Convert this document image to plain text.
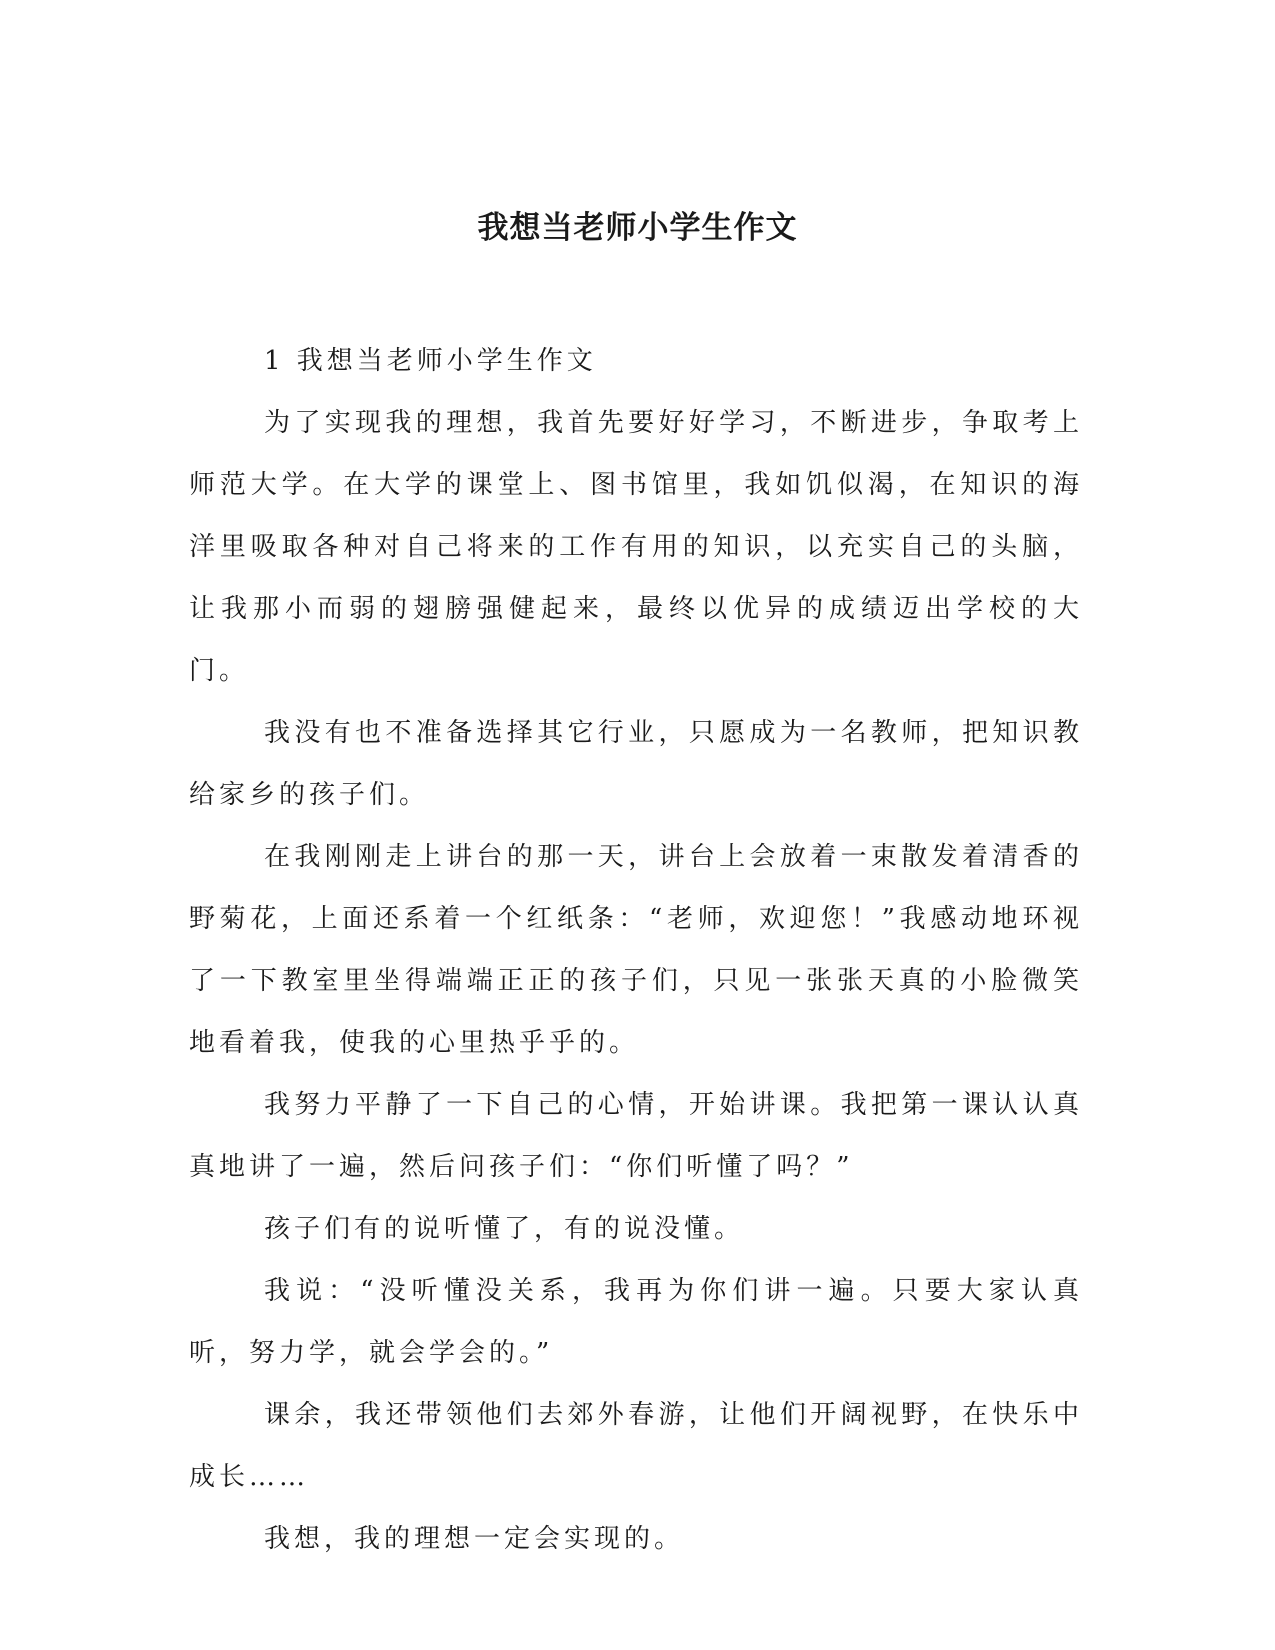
我想当老师小学生作文

1 我想当老师小学生作文

为了实现我的理想，我首先要好好学习，不断进步，争取考上师范大学。在大学的课堂上、图书馆里，我如饥似渴，在知识的海洋里吸取各种对自己将来的工作有用的知识，以充实自己的头脑，让我那小而弱的翅膀强健起来，最终以优异的成绩迈出学校的大门。

我没有也不准备选择其它行业，只愿成为一名教师，把知识教给家乡的孩子们。

在我刚刚走上讲台的那一天，讲台上会放着一束散发着清香的野菊花，上面还系着一个红纸条：“老师，欢迎您！”我感动地环视了一下教室里坐得端端正正的孩子们，只见一张张天真的小脸微笑地看着我，使我的心里热乎乎的。

我努力平静了一下自己的心情，开始讲课。我把第一课认认真真地讲了一遍，然后问孩子们：“你们听懂了吗？”

孩子们有的说听懂了，有的说没懂。

我说：“没听懂没关系，我再为你们讲一遍。只要大家认真听，努力学，就会学会的。”

课余，我还带领他们去郊外春游，让他们开阔视野，在快乐中成长……

我想，我的理想一定会实现的。
